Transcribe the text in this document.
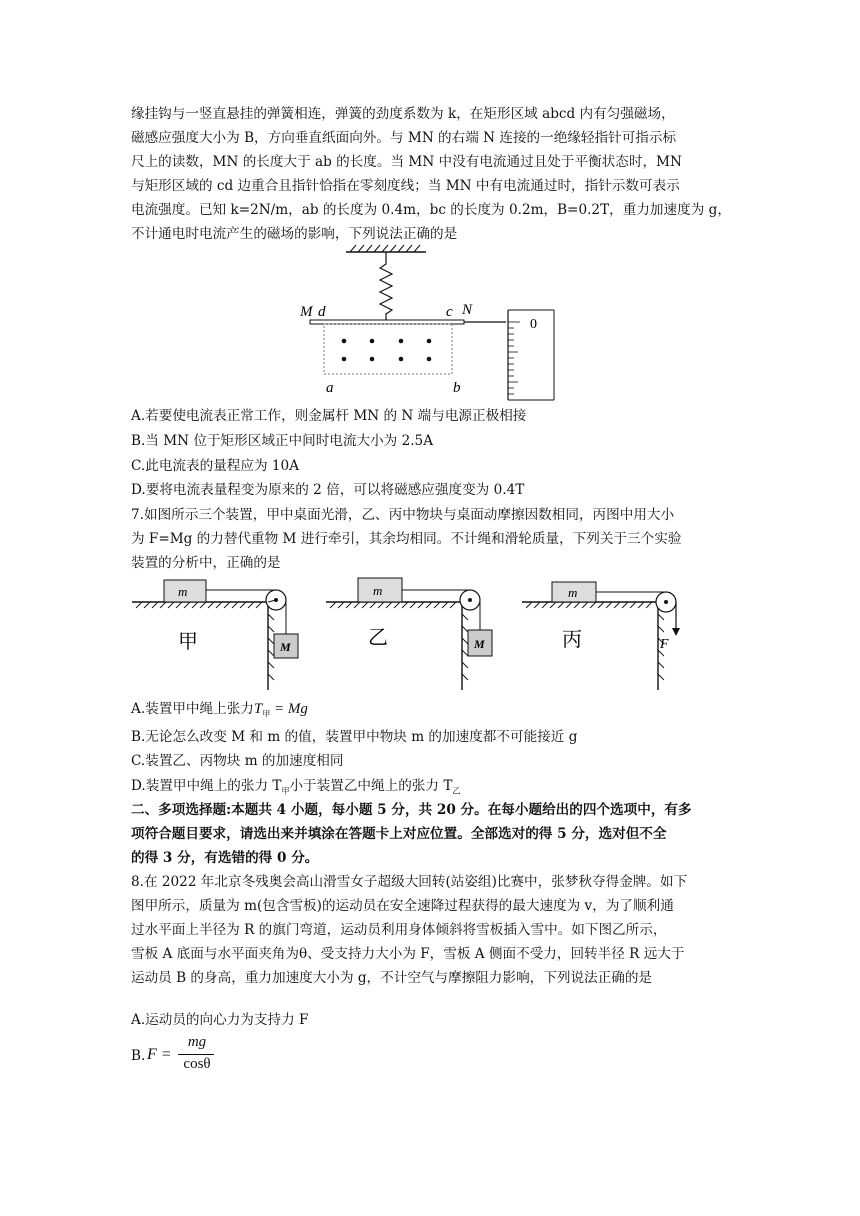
缘挂钩与一竖直悬挂的弹簧相连，弹簧的劲度系数为 k，在矩形区域 abcd 内有匀强磁场，
磁感应强度大小为 B，方向垂直纸面向外。与 MN 的右端 N 连接的一绝缘轻指针可指示标
尺上的读数，MN 的长度大于 ab 的长度。当 MN 中没有电流通过且处于平衡状态时，MN
与矩形区域的 cd 边重合且指针恰指在零刻度线；当 MN 中有电流通过时，指针示数可表示
电流强度。已知 k=2N/m，ab 的长度为 0.4m，bc 的长度为 0.2m，B=0.2T，重力加速度为 g，
不计通电时电流产生的磁场的影响，下列说法正确的是
M d	c N
a	b
0
A.若要使电流表正常工作，则金属杆 MN 的 N 端与电源正极相接
B.当 MN 位于矩形区域正中间时电流大小为 2.5A
C.此电流表的量程应为 10A
D.要将电流表量程变为原来的 2 倍，可以将磁感应强度变为 0.4T
7.如图所示三个装置，甲中桌面光滑，乙、丙中物块与桌面动摩擦因数相同，丙图中用大小
为 F=Mg 的力替代重物 M 进行牵引，其余均相同。不计绳和滑轮质量，下列关于三个实验
装置的分析中，正确的是
m
M
甲
m
M
乙
m
F
丙
A.装置甲中绳上张力$T_甲 = Mg$
B.无论怎么改变 M 和 m 的值，装置甲中物块 m 的加速度都不可能接近 g
C.装置乙、丙物块 m 的加速度相同
D.装置甲中绳上的张力 $T_甲$小于装置乙中绳上的张力 $T_乙$
二、多项选择题:本题共 4 小题，每小题 5 分，共 20 分。在每小题给出的四个选项中，有多
项符合题目要求，请选出来并填涂在答题卡上对应位置。全部选对的得 5 分，选对但不全
的得 3 分，有选错的得 0 分。
8.在 2022 年北京冬残奥会高山滑雪女子超级大回转(站姿组)比赛中，张梦秋夺得金牌。如下
图甲所示，质量为 m(包含雪板)的运动员在安全速降过程获得的最大速度为 v，为了顺利通
过水平面上半径为 R 的旗门弯道，运动员利用身体倾斜将雪板插入雪中。如下图乙所示，
雪板 A 底面与水平面夹角为θ、受支持力大小为 F，雪板 A 侧面不受力，回转半径 R 远大于
运动员 B 的身高，重力加速度大小为 g，不计空气与摩擦阻力影响，下列说法正确的是
A.运动员的向心力为支持力 F
B. F =
mg
cosθ
